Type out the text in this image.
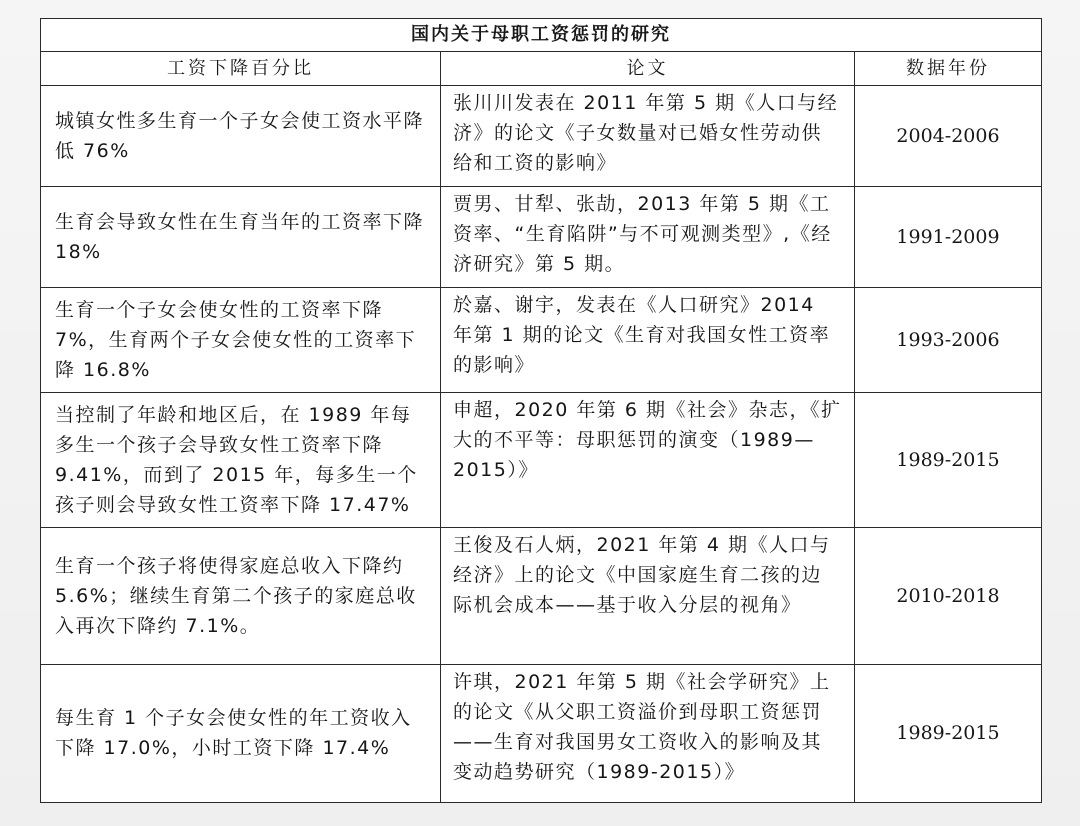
国内关于母职工资惩罚的研究		
工资下降百分比	论文	数据年份
城镇女性多生育一个子女会使工资水平降低 76%	张川川发表在 2011 年第 5 期《人口与经济》的论文《子女数量对已婚女性劳动供给和工资的影响》	2004-2006
生育会导致女性在生育当年的工资率下降 18%	贾男、甘犁、张劼，2013 年第 5 期《工资率、“生育陷阱”与不可观测类型》,《经济研究》第 5 期。	1991-2009
生育一个子女会使女性的工资率下降 7%，生育两个子女会使女性的工资率下降 16.8%	於嘉、谢宇，发表在《人口研究》2014 年第 1 期的论文《生育对我国女性工资率的影响》	1993-2006
当控制了年龄和地区后，在 1989 年每多生一个孩子会导致女性工资率下降 9.41%，而到了 2015 年，每多生一个孩子则会导致女性工资率下降 17.47%	申超，2020 年第 6 期《社会》杂志，《扩大的不平等：母职惩罚的演变（1989—2015）》	1989-2015
生育一个孩子将使得家庭总收入下降约 5.6%；继续生育第二个孩子的家庭总收入再次下降约 7.1%。	王俊及石人炳，2021 年第 4 期《人口与经济》上的论文《中国家庭生育二孩的边际机会成本——基于收入分层的视角》	2010-2018
每生育 1 个子女会使女性的年工资收入下降 17.0%，小时工资下降 17.4%	许琪，2021 年第 5 期《社会学研究》上的论文《从父职工资溢价到母职工资惩罚——生育对我国男女工资收入的影响及其变动趋势研究（1989-2015）》	1989-2015
